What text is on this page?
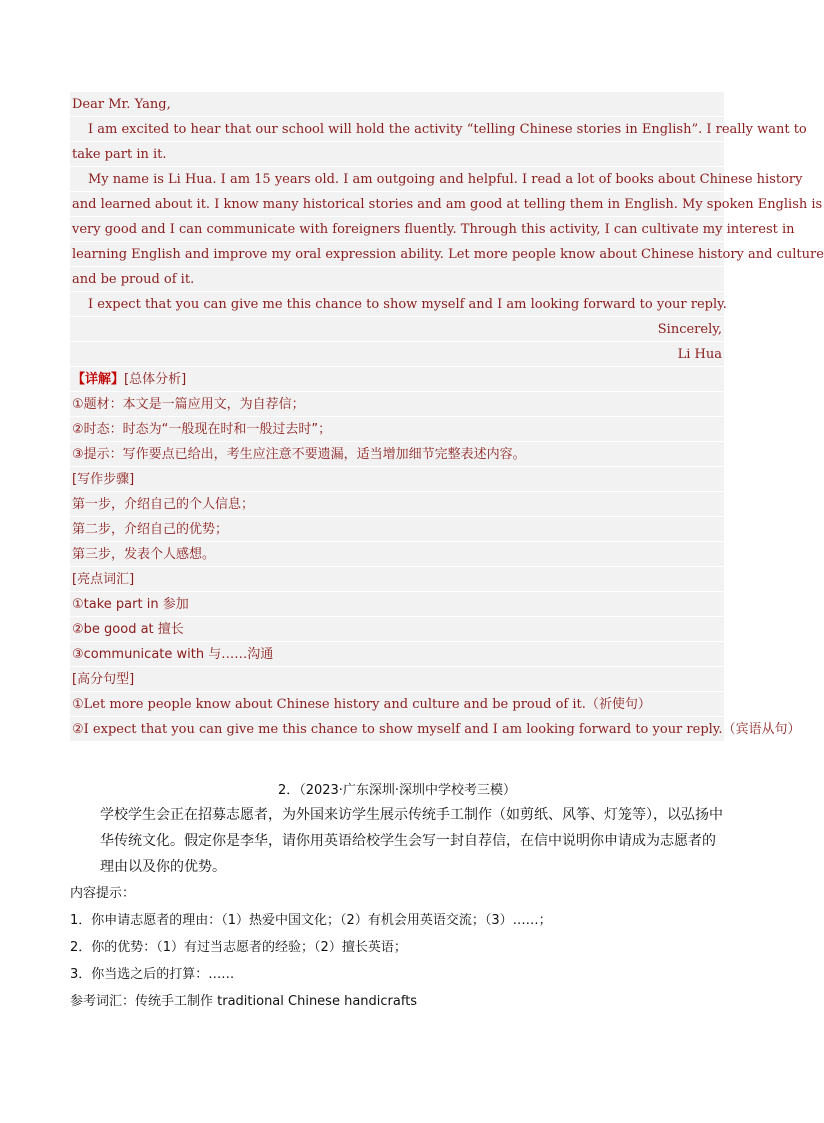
Dear Mr. Yang,
I am excited to hear that our school will hold the activity “telling Chinese stories in English”. I really want to
take part in it.
My name is Li Hua. I am 15 years old. I am outgoing and helpful. I read a lot of books about Chinese history
and learned about it. I know many historical stories and am good at telling them in English. My spoken English is
very good and I can communicate with foreigners fluently. Through this activity, I can cultivate my interest in
learning English and improve my oral expression ability. Let more people know about Chinese history and culture
and be proud of it.
I expect that you can give me this chance to show myself and I am looking forward to your reply.
Sincerely,
Li Hua
【详解】[总体分析]
①题材：本文是一篇应用文，为自荐信；
②时态：时态为“一般现在时和一般过去时”；
③提示：写作要点已给出，考生应注意不要遗漏，适当增加细节完整表述内容。
[写作步骤]
第一步，介绍自己的个人信息；
第二步，介绍自己的优势；
第三步，发表个人感想。
[亮点词汇]
①take part in 参加
②be good at 擅长
③communicate with 与……沟通
[高分句型]
①Let more people know about Chinese history and culture and be proud of it.（祈使句）
②I expect that you can give me this chance to show myself and I am looking forward to your reply.（宾语从句）
2．（2023·广东深圳·深圳中学校考三模）

学校学生会正在招募志愿者，为外国来访学生展示传统手工制作（如剪纸、风筝、灯笼等），以弘扬中华传统文化。假定你是李华，请你用英语给校学生会写一封自荐信，在信中说明你申请成为志愿者的理由以及你的优势。

内容提示：

1．你申请志愿者的理由：（1）热爱中国文化；（2）有机会用英语交流；（3）……；

2．你的优势：（1）有过当志愿者的经验；（2）擅长英语；

3．你当选之后的打算：……

参考词汇：传统手工制作 traditional Chinese handicrafts
